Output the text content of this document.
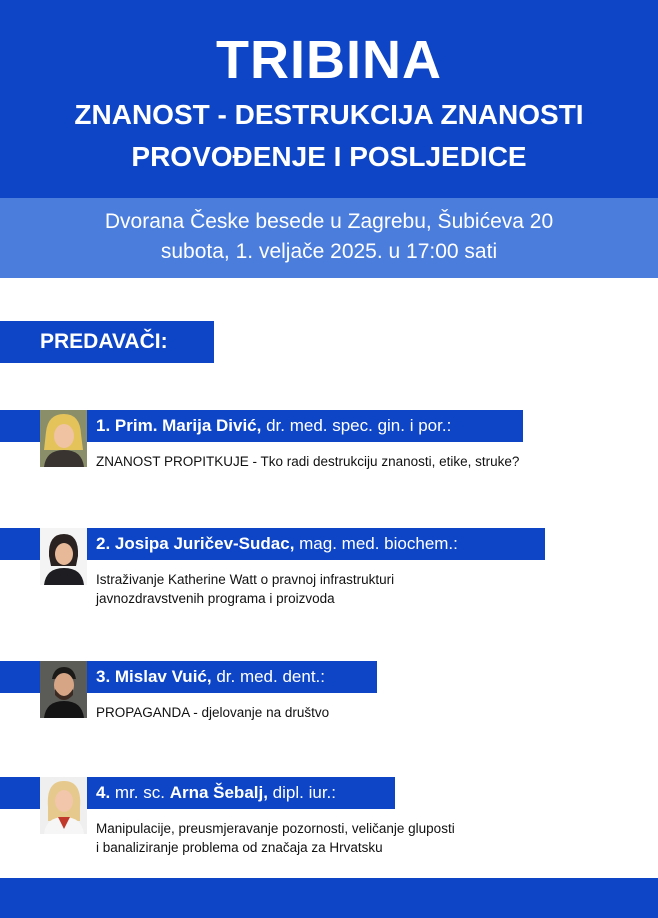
TRIBINA
ZNANOST - DESTRUKCIJA ZNANOSTI
PROVOĐENJE I POSLJEDICE
Dvorana Česke besede u Zagrebu, Šubićeva 20
subota, 1. veljače 2025. u 17:00 sati
PREDAVAČI:
1. Prim. Marija Divić, dr. med. spec. gin. i por.:
ZNANOST PROPITKUJE - Tko radi destrukciju znanosti, etike, struke?
2. Josipa Juričev-Sudac, mag. med. biochem.:
Istraživanje Katherine Watt o pravnoj infrastrukturi
javnozdravstvenih programa i proizvoda
3. Mislav Vuić, dr. med. dent.:
PROPAGANDA - djelovanje na društvo
4. mr. sc. Arna Šebalj, dipl. iur.:
Manipulacije, preusmjeravanje pozornosti, veličanje gluposti
i banaliziranje problema od značaja za Hrvatsku
